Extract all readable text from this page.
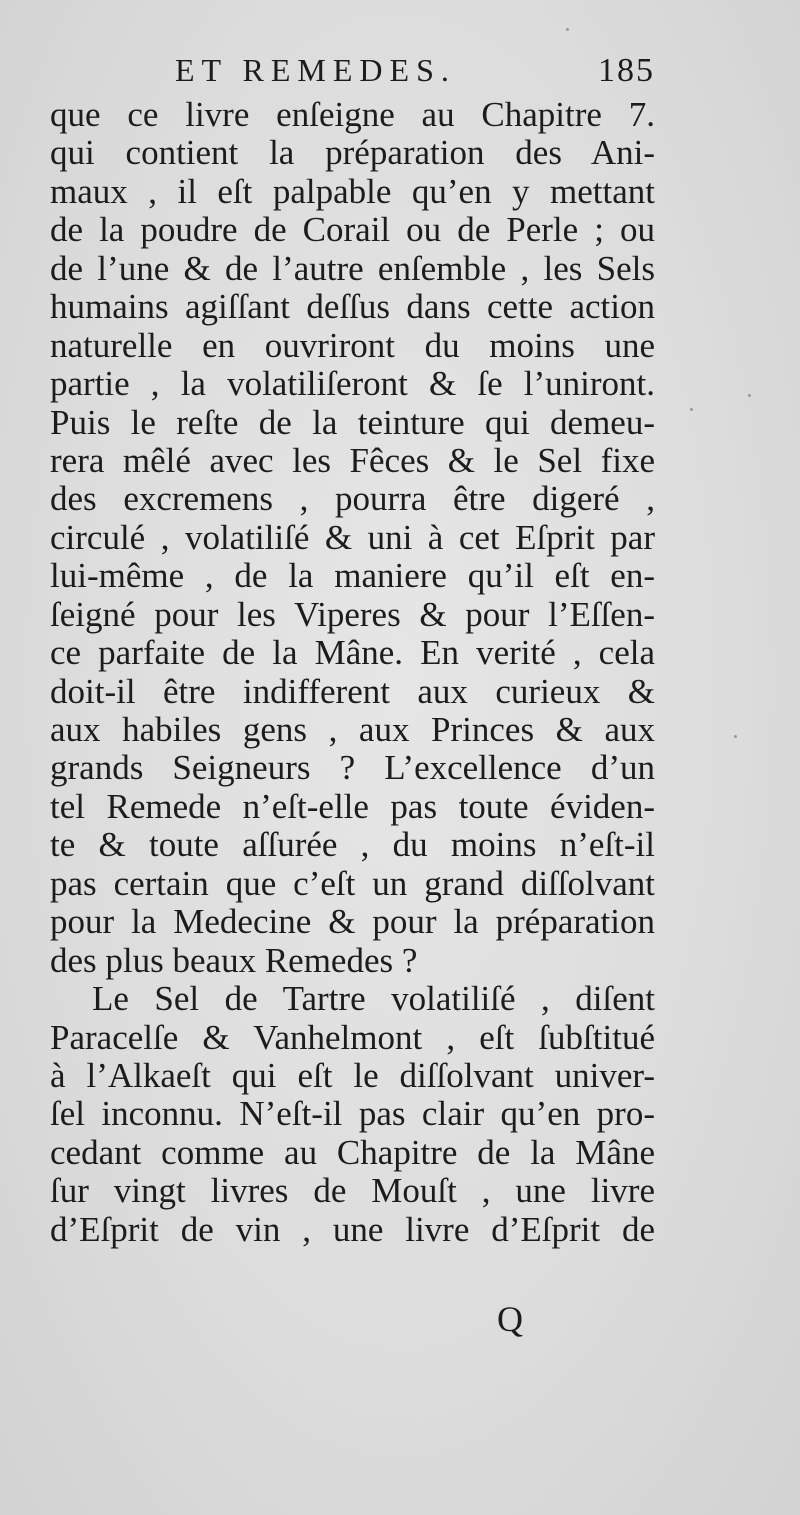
ET REMEDES.	185
que ce livre enſeigne au Chapitre 7.
qui contient la préparation des Ani-
maux , il eſt palpable qu’en y mettant
de la poudre de Corail ou de Perle ; ou
de l’une & de l’autre enſemble , les Sels
humains agiſſant deſſus dans cette action
naturelle en ouvriront du moins une
partie , la volatiliſeront & ſe l’uniront.
Puis le reſte de la teinture qui demeu-
rera mêlé avec les Fêces & le Sel fixe
des excremens , pourra être digeré ,
circulé , volatiliſé & uni à cet Eſprit par
lui-même , de la maniere qu’il eſt en-
ſeigné pour les Viperes & pour l’Eſſen-
ce parfaite de la Mâne. En verité , cela
doit-il être indifferent aux curieux &
aux habiles gens , aux Princes & aux
grands Seigneurs ? L’excellence d’un
tel Remede n’eſt-elle pas toute éviden-
te & toute aſſurée , du moins n’eſt-il
pas certain que c’eſt un grand diſſolvant
pour la Medecine & pour la préparation
des plus beaux Remedes ?
Le Sel de Tartre volatiliſé , diſent
Paracelſe & Vanhelmont , eſt ſubſtitué
à l’Alkaeſt qui eſt le diſſolvant univer-
ſel inconnu. N’eſt-il pas clair qu’en pro-
cedant comme au Chapitre de la Mâne
ſur vingt livres de Mouſt , une livre
d’Eſprit de vin , une livre d’Eſprit de
Q
